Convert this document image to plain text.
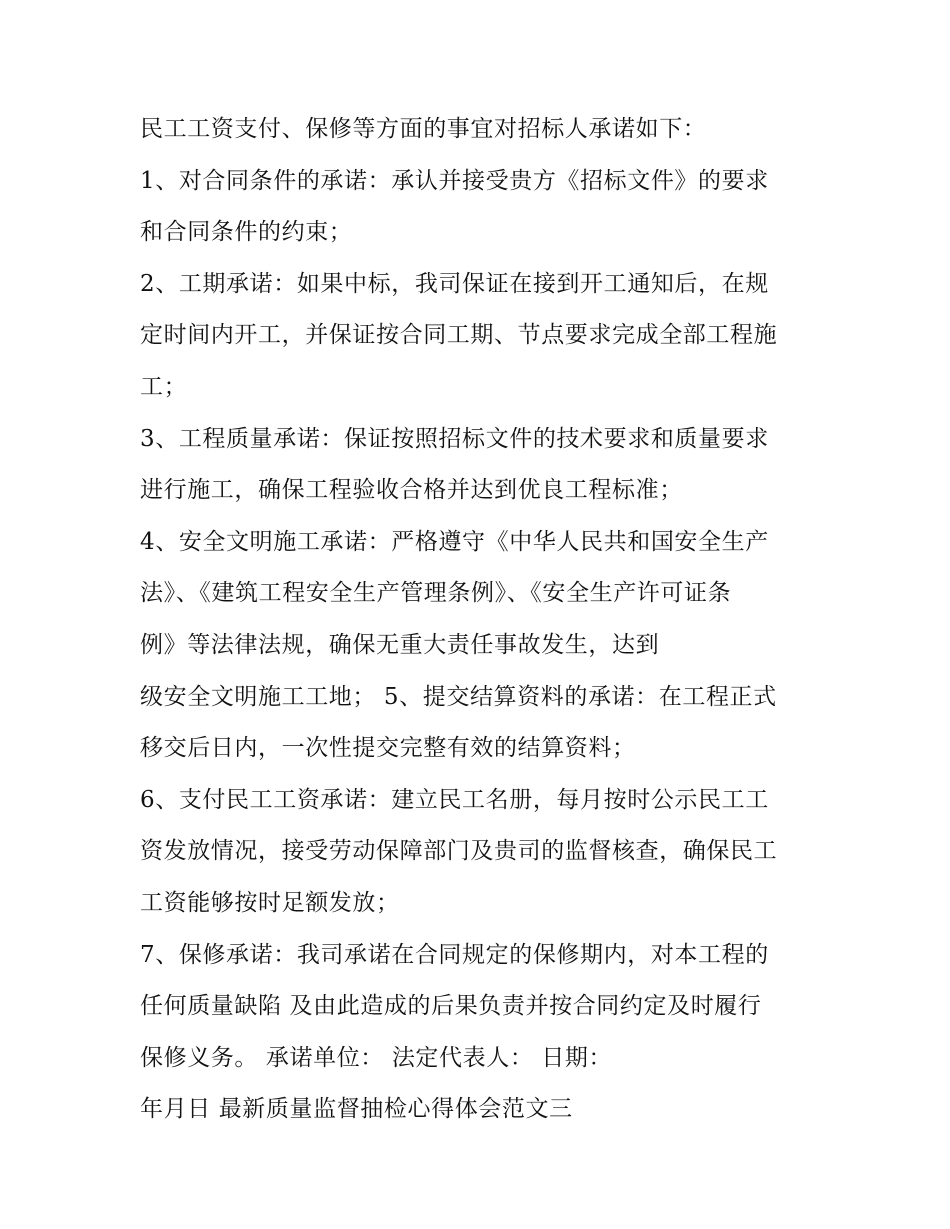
民工工资支付、保修等方面的事宜对招标人承诺如下：
1、对合同条件的承诺：承认并接受贵方《招标文件》的要求
和合同条件的约束；
2、工期承诺：如果中标，我司保证在接到开工通知后，在规
定时间内开工，并保证按合同工期、节点要求完成全部工程施
工；
3、工程质量承诺：保证按照招标文件的技术要求和质量要求
进行施工，确保工程验收合格并达到优良工程标准；
4、安全文明施工承诺：严格遵守《中华人民共和国安全生产
法》、《建筑工程安全生产管理条例》、《安全生产许可证条
例》等法律法规，确保无重大责任事故发生，达到
级安全文明施工工地； 5、提交结算资料的承诺：在工程正式
移交后日内，一次性提交完整有效的结算资料；
6、支付民工工资承诺：建立民工名册，每月按时公示民工工
资发放情况，接受劳动保障部门及贵司的监督核查，确保民工
工资能够按时足额发放；
7、保修承诺：我司承诺在合同规定的保修期内，对本工程的
任何质量缺陷 及由此造成的后果负责并按合同约定及时履行
保修义务。 承诺单位： 法定代表人： 日期：
年月日 最新质量监督抽检心得体会范文三
